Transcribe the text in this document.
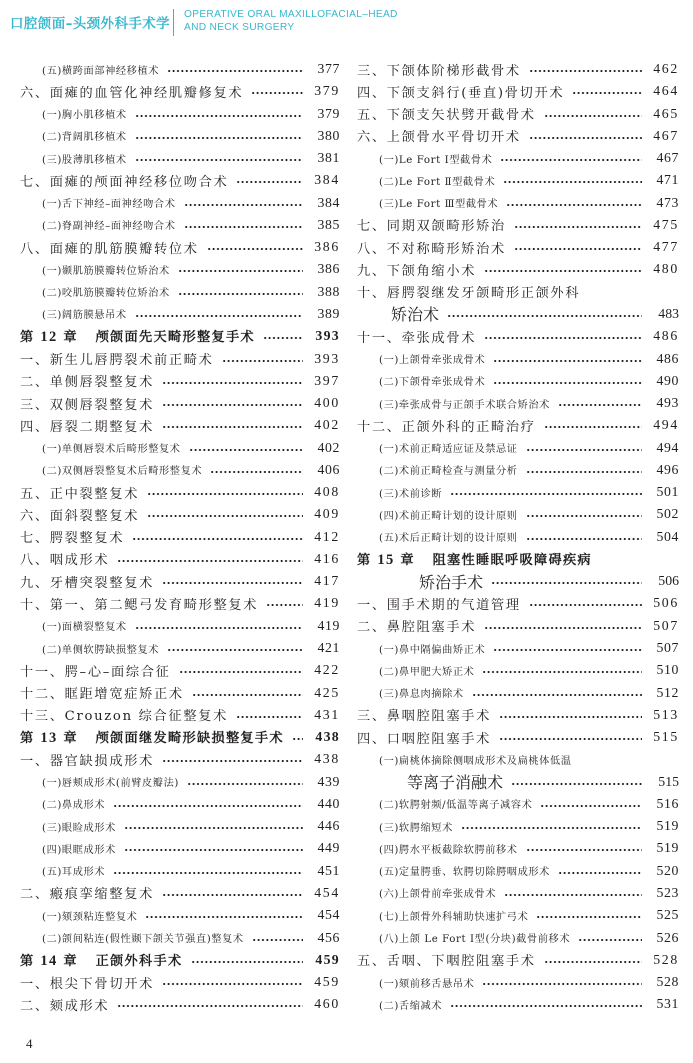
口腔颌面–头颈外科手术学
OPERATIVE ORAL MAXILLOFACIAL–HEAD
AND NECK SURGERY
(五)横跨面部神经移植术	377
六、面瘫的血管化神经肌瓣修复术	379
(一)胸小肌移植术	379
(二)背阔肌移植术	380
(三)股薄肌移植术	381
七、面瘫的颅面神经移位吻合术	384
(一)舌下神经–面神经吻合术	384
(二)脊副神经–面神经吻合术	385
八、面瘫的肌筋膜瓣转位术	386
(一)颞肌筋膜瓣转位矫治术	386
(二)咬肌筋膜瓣转位矫治术	388
(三)阔筋膜悬吊术	389
第 12 章   颅颌面先天畸形整复手术	393
一、新生儿唇腭裂术前正畸术	393
二、单侧唇裂整复术	397
三、双侧唇裂整复术	400
四、唇裂二期整复术	402
(一)单侧唇裂术后畸形整复术	402
(二)双侧唇裂整复术后畸形整复术	406
五、正中裂整复术	408
六、面斜裂整复术	409
七、腭裂整复术	412
八、咽成形术	416
九、牙槽突裂整复术	417
十、第一、第二鳃弓发育畸形整复术	419
(一)面横裂整复术	419
(二)单侧软腭缺损整复术	421
十一、腭–心–面综合征	422
十二、眶距增宽症矫正术	425
十三、Crouzon 综合征整复术	431
第 13 章   颅颌面继发畸形缺损整复手术	438
一、器官缺损成形术	438
(一)唇颊成形术(前臂皮瓣法)	439
(二)鼻成形术	440
(三)眼睑成形术	446
(四)眼眶成形术	449
(五)耳成形术	451
二、瘢痕挛缩整复术	454
(一)颏颈粘连整复术	454
(二)颌间粘连(假性颞下颌关节强直)整复术	456
第 14 章   正颌外科手术	459
一、根尖下骨切开术	459
二、颏成形术	460
三、下颌体阶梯形截骨术	462
四、下颌支斜行(垂直)骨切开术	464
五、下颌支矢状劈开截骨术	465
六、上颌骨水平骨切开术	467
(一)Le Fort Ⅰ型截骨术	467
(二)Le Fort Ⅱ型截骨术	471
(三)Le Fort Ⅲ型截骨术	473
七、同期双颌畸形矫治	475
八、不对称畸形矫治术	477
九、下颌角缩小术	480
十、唇腭裂继发牙颌畸形正颌外科
矫治术	483
十一、牵张成骨术	486
(一)上颌骨牵张成骨术	486
(二)下颌骨牵张成骨术	490
(三)牵张成骨与正颌手术联合矫治术	493
十二、正颌外科的正畸治疗	494
(一)术前正畸适应证及禁忌证	494
(二)术前正畸检查与测量分析	496
(三)术前诊断	501
(四)术前正畸计划的设计原则	502
(五)术后正畸计划的设计原则	504
第 15 章   阻塞性睡眠呼吸障碍疾病
矫治手术	506
一、围手术期的气道管理	506
二、鼻腔阻塞手术	507
(一)鼻中隔偏曲矫正术	507
(二)鼻甲肥大矫正术	510
(三)鼻息肉摘除术	512
三、鼻咽腔阻塞手术	513
四、口咽腔阻塞手术	515
(一)扁桃体摘除侧咽成形术及扁桃体低温
等离子消融术	515
(二)软腭射频/低温等离子减容术	516
(三)软腭缩短术	519
(四)腭水平板截除软腭前移术	519
(五)定量腭垂、软腭切除腭咽成形术	520
(六)上颌骨前牵张成骨术	523
(七)上颌骨外科辅助快速扩弓术	525
(八)上颌 Le Fort Ⅰ型(分块)截骨前移术	526
五、舌咽、下咽腔阻塞手术	528
(一)颏前移舌悬吊术	528
(二)舌缩减术	531
4
